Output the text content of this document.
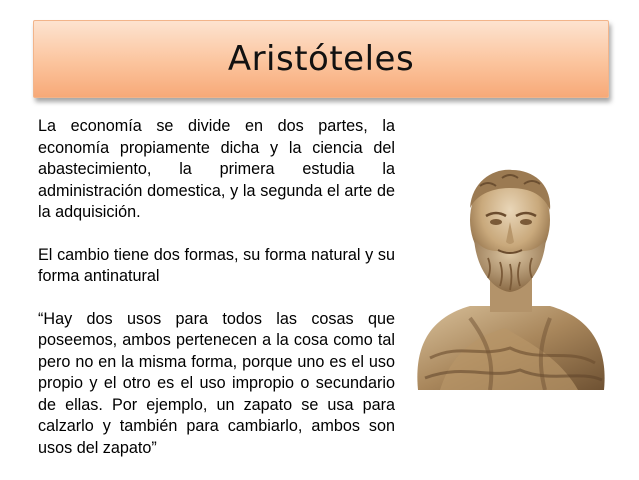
Aristóteles

La economía se divide en dos partes, la economía propiamente dicha y la ciencia del abastecimiento, la primera estudia la administración domestica, y la segunda el arte de la adquisición.

El cambio tiene dos formas, su forma natural y su forma antinatural

“Hay dos usos para todos las cosas que poseemos, ambos pertenecen a la cosa como tal pero no en la misma forma, porque uno es el uso propio y el otro es el uso impropio o secundario de ellas. Por ejemplo, un zapato se usa para calzarlo y también para cambiarlo, ambos son usos del zapato”
